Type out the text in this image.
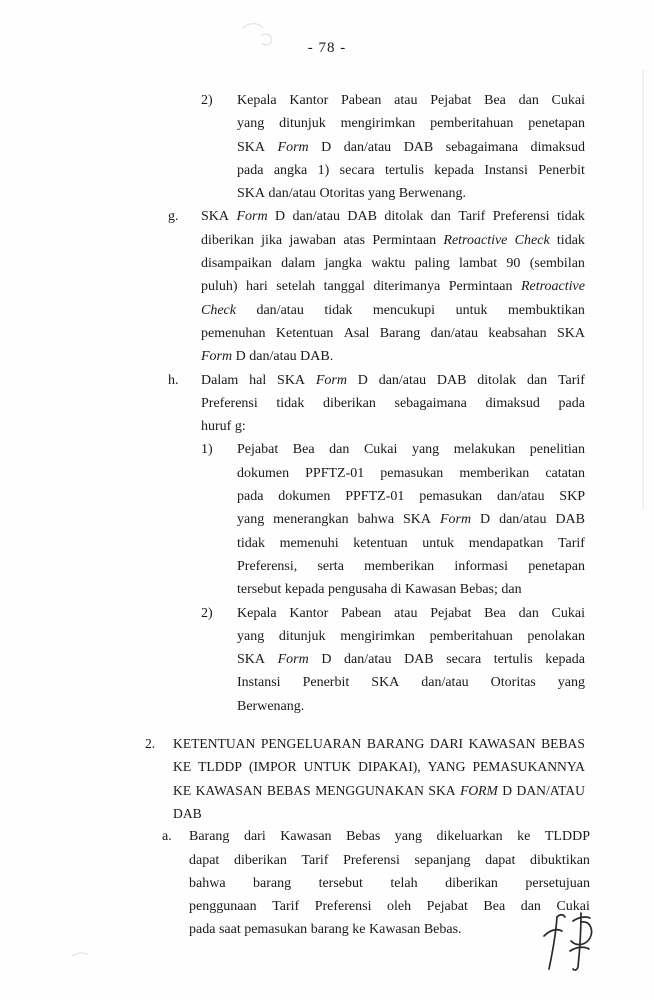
- 78 -
2) Kepala Kantor Pabean atau Pejabat Bea dan Cukai
yang ditunjuk mengirimkan pemberitahuan penetapan
SKA Form D dan/atau DAB sebagaimana dimaksud
pada angka 1) secara tertulis kepada Instansi Penerbit
SKA dan/atau Otoritas yang Berwenang.
g. SKA Form D dan/atau DAB ditolak dan Tarif Preferensi tidak
diberikan jika jawaban atas Permintaan Retroactive Check tidak
disampaikan dalam jangka waktu paling lambat 90 (sembilan
puluh) hari setelah tanggal diterimanya Permintaan Retroactive
Check dan/atau tidak mencukupi untuk membuktikan
pemenuhan Ketentuan Asal Barang dan/atau keabsahan SKA
Form D dan/atau DAB.
h. Dalam hal SKA Form D dan/atau DAB ditolak dan Tarif
Preferensi tidak diberikan sebagaimana dimaksud pada
huruf g:
1) Pejabat Bea dan Cukai yang melakukan penelitian
dokumen PPFTZ-01 pemasukan memberikan catatan
pada dokumen PPFTZ-01 pemasukan dan/atau SKP
yang menerangkan bahwa SKA Form D dan/atau DAB
tidak memenuhi ketentuan untuk mendapatkan Tarif
Preferensi, serta memberikan informasi penetapan
tersebut kepada pengusaha di Kawasan Bebas; dan
2) Kepala Kantor Pabean atau Pejabat Bea dan Cukai
yang ditunjuk mengirimkan pemberitahuan penolakan
SKA Form D dan/atau DAB secara tertulis kepada
Instansi Penerbit SKA dan/atau Otoritas yang
Berwenang.
2. KETENTUAN PENGELUARAN BARANG DARI KAWASAN BEBAS
KE TLDDP (IMPOR UNTUK DIPAKAI), YANG PEMASUKANNYA
KE KAWASAN BEBAS MENGGUNAKAN SKA FORM D DAN/ATAU
DAB
a. Barang dari Kawasan Bebas yang dikeluarkan ke TLDDP
dapat diberikan Tarif Preferensi sepanjang dapat dibuktikan
bahwa barang tersebut telah diberikan persetujuan
penggunaan Tarif Preferensi oleh Pejabat Bea dan Cukai
pada saat pemasukan barang ke Kawasan Bebas.
